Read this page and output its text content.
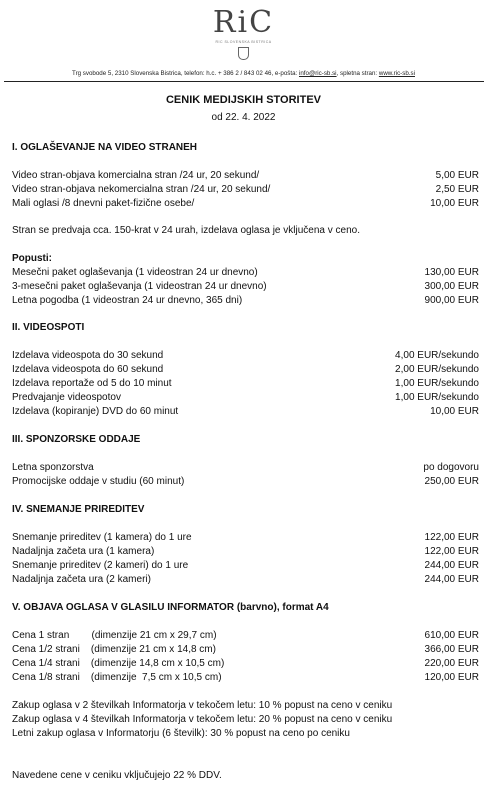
RiC
RIC SLOVENSKA BISTRICA
Trg svobode 5, 2310 Slovenska Bistrica, telefon: h.c. + 386 2 / 843 02 46, e-pošta: info@ric-sb.si, spletna stran: www.ric-sb.si
CENIK MEDIJSKIH STORITEV
od 22. 4. 2022
I. OGLAŠEVANJE NA VIDEO STRANEH
Video stran-objava komercialna stran /24 ur, 20 sekund/	5,00 EUR
Video stran-objava nekomercialna stran /24 ur, 20 sekund/	2,50 EUR
Mali oglasi /8 dnevni paket-fizične osebe/	10,00 EUR
Stran se predvaja cca. 150-krat v 24 urah, izdelava oglasa je vključena v ceno.
Popusti:
Mesečni paket oglaševanja (1 videostran 24 ur dnevno)	130,00 EUR
3-mesečni paket oglaševanja (1 videostran 24 ur dnevno)	300,00 EUR
Letna pogodba (1 videostran 24 ur dnevno, 365 dni)	900,00 EUR
II. VIDEOSPOTI
Izdelava videospota do 30 sekund	4,00 EUR/sekundo
Izdelava videospota do 60 sekund	2,00 EUR/sekundo
Izdelava reportaže od 5 do 10 minut	1,00 EUR/sekundo
Predvajanje videospotov	1,00 EUR/sekundo
Izdelava (kopiranje) DVD do 60 minut	10,00 EUR
III. SPONZORSKE ODDAJE
Letna sponzorstva	po dogovoru
Promocijske oddaje v studiu (60 minut)	250,00 EUR
IV. SNEMANJE PRIREDITEV
Snemanje prireditev (1 kamera) do 1 ure	122,00 EUR
Nadaljnja začeta ura (1 kamera)	122,00 EUR
Snemanje prireditev (2 kameri) do 1 ure	244,00 EUR
Nadaljnja začeta ura (2 kameri)	244,00 EUR
V. OBJAVA OGLASA V GLASILU INFORMATOR (barvno), format A4
Cena 1 stran        (dimenzije 21 cm x 29,7 cm)	610,00 EUR
Cena 1/2 strani    (dimenzije 21 cm x 14,8 cm)	366,00 EUR
Cena 1/4 strani    (dimenzije 14,8 cm x 10,5 cm)	220,00 EUR
Cena 1/8 strani    (dimenzije  7,5 cm x 10,5 cm)	120,00 EUR
Zakup oglasa v 2 številkah Informatorja v tekočem letu: 10 % popust na ceno v ceniku
Zakup oglasa v 4 številkah Informatorja v tekočem letu: 20 % popust na ceno v ceniku
Letni zakup oglasa v Informatorju (6 številk): 30 % popust na ceno po ceniku
Navedene cene v ceniku vključujejo 22 % DDV.
